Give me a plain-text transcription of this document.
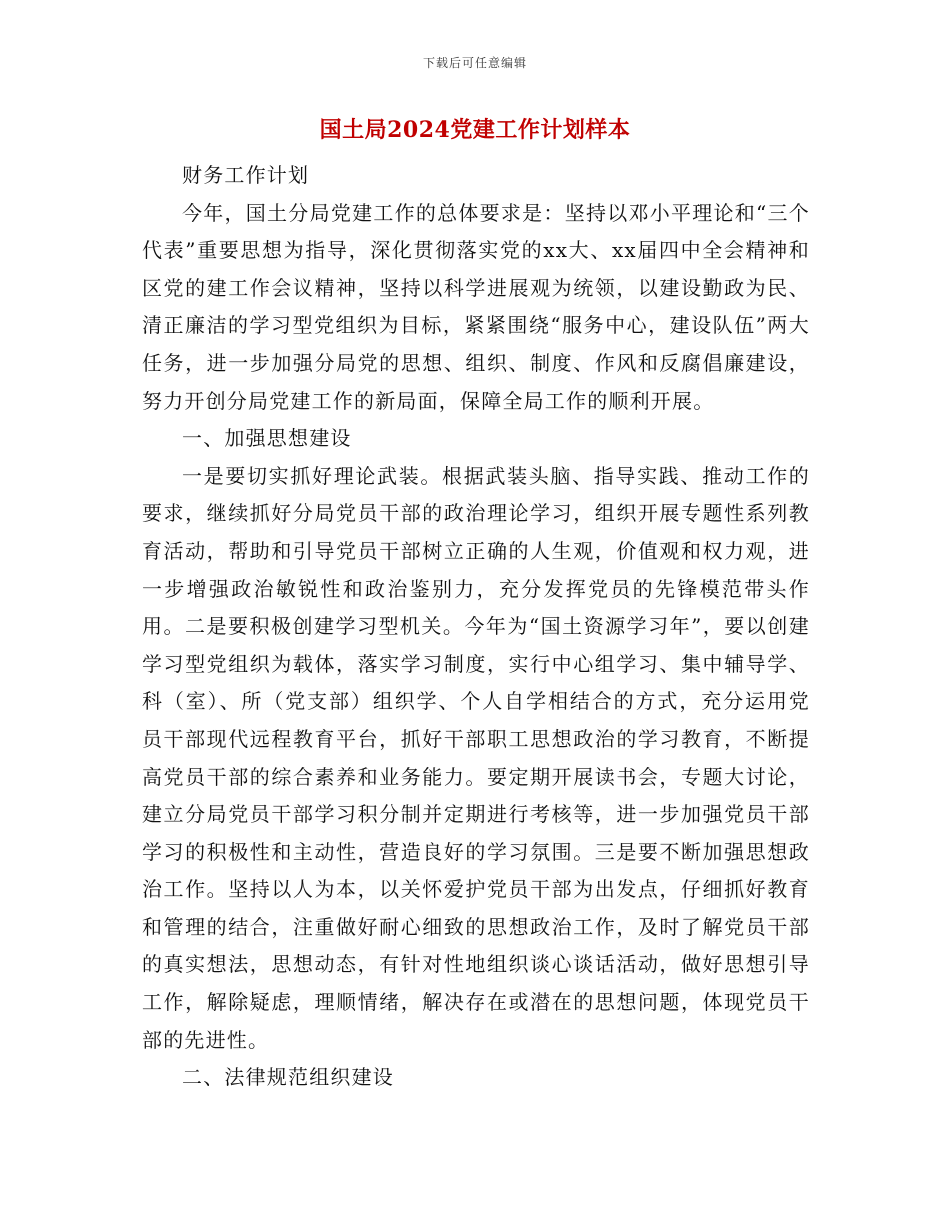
下载后可任意编辑
国土局2024党建工作计划样本

财务工作计划

今年，国土分局党建工作的总体要求是：坚持以邓小平理论和“三个代表”重要思想为指导，深化贯彻落实党的xx大、xx届四中全会精神和区党的建工作会议精神，坚持以科学进展观为统领，以建设勤政为民、清正廉洁的学习型党组织为目标，紧紧围绕“服务中心，建设队伍”两大任务，进一步加强分局党的思想、组织、制度、作风和反腐倡廉建设，努力开创分局党建工作的新局面，保障全局工作的顺利开展。

一、加强思想建设

一是要切实抓好理论武装。根据武装头脑、指导实践、推动工作的要求，继续抓好分局党员干部的政治理论学习，组织开展专题性系列教育活动，帮助和引导党员干部树立正确的人生观，价值观和权力观，进一步增强政治敏锐性和政治鉴别力，充分发挥党员的先锋模范带头作用。二是要积极创建学习型机关。今年为“国土资源学习年”，要以创建学习型党组织为载体，落实学习制度，实行中心组学习、集中辅导学、科（室）、所（党支部）组织学、个人自学相结合的方式，充分运用党员干部现代远程教育平台，抓好干部职工思想政治的学习教育，不断提高党员干部的综合素养和业务能力。要定期开展读书会，专题大讨论，建立分局党员干部学习积分制并定期进行考核等，进一步加强党员干部学习的积极性和主动性，营造良好的学习氛围。三是要不断加强思想政治工作。坚持以人为本，以关怀爱护党员干部为出发点，仔细抓好教育和管理的结合，注重做好耐心细致的思想政治工作，及时了解党员干部的真实想法，思想动态，有针对性地组织谈心谈话活动，做好思想引导工作，解除疑虑，理顺情绪，解决存在或潜在的思想问题，体现党员干部的先进性。

二、法律规范组织建设
